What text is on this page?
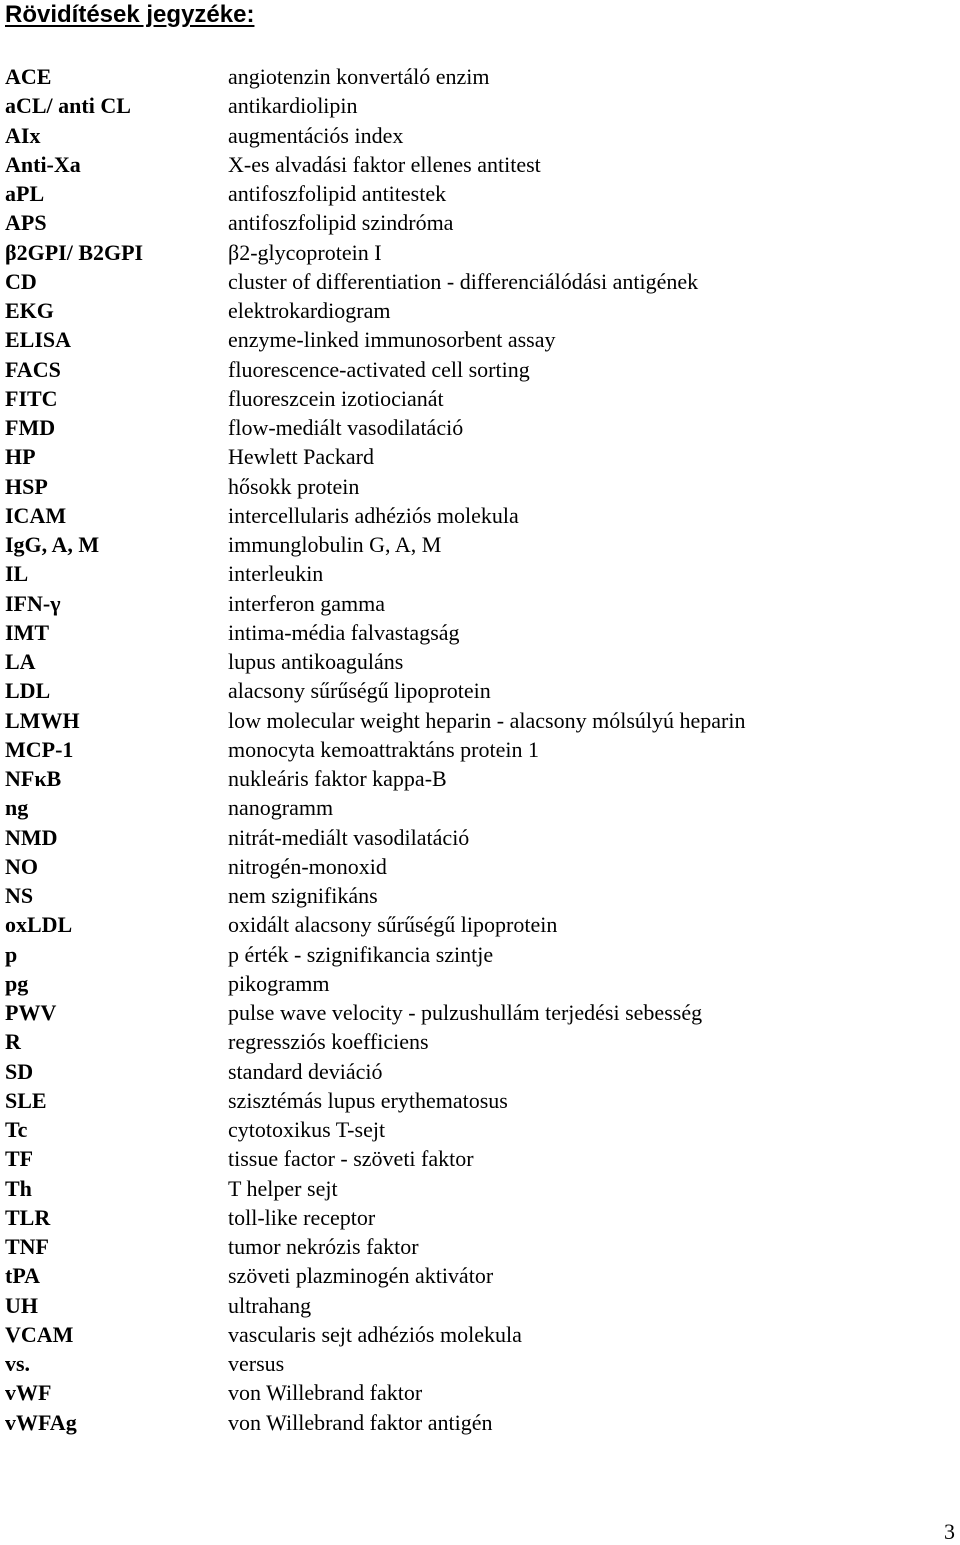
Rövidítések jegyzéke:
ACE	angiotenzin konvertáló enzim
aCL/ anti CL	antikardiolipin
AIx	augmentációs index
Anti-Xa	X-es alvadási faktor ellenes antitest
aPL	antifoszfolipid antitestek
APS	antifoszfolipid szindróma
β2GPI/ B2GPI	β2-glycoprotein I
CD	cluster of differentiation - differenciálódási antigének
EKG	elektrokardiogram
ELISA	enzyme-linked immunosorbent assay
FACS	fluorescence-activated cell sorting
FITC	fluoreszcein izotiocianát
FMD	flow-mediált vasodilatáció
HP	Hewlett Packard
HSP	hősokk protein
ICAM	intercellularis adhéziós molekula
IgG, A, M	immunglobulin G, A, M
IL	interleukin
IFN-γ	interferon gamma
IMT	intima-média falvastagság
LA	lupus antikoaguláns
LDL	alacsony sűrűségű lipoprotein
LMWH	low molecular weight heparin - alacsony mólsúlyú heparin
MCP-1	monocyta kemoattraktáns protein 1
NFκB	nukleáris faktor kappa-B
ng	nanogramm
NMD	nitrát-mediált vasodilatáció
NO	nitrogén-monoxid
NS	nem szignifikáns
oxLDL	oxidált alacsony sűrűségű lipoprotein
p	p érték - szignifikancia szintje
pg	pikogramm
PWV	pulse wave velocity - pulzushullám terjedési sebesség
R	regressziós koefficiens
SD	standard deviáció
SLE	szisztémás lupus erythematosus
Tc	cytotoxikus T-sejt
TF	tissue factor - szöveti faktor
Th	T helper sejt
TLR	toll-like receptor
TNF	tumor nekrózis faktor
tPA	szöveti plazminogén aktivátor
UH	ultrahang
VCAM	vascularis sejt adhéziós molekula
vs.	versus
vWF	von Willebrand faktor
vWFAg	von Willebrand faktor antigén
3
